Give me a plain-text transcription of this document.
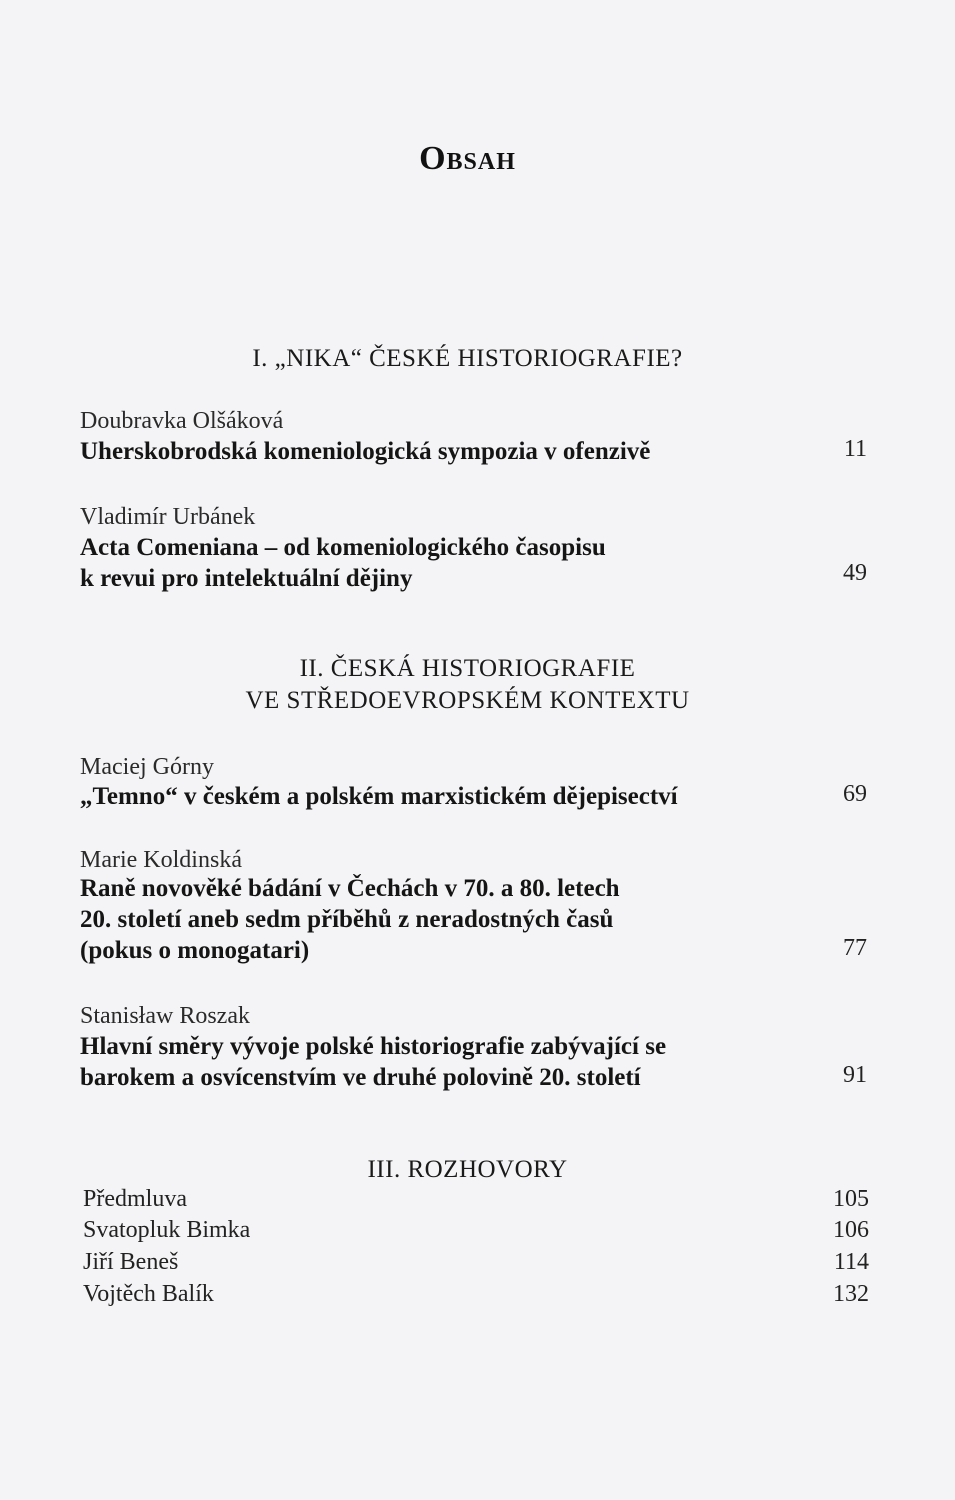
Obsah
I. „NIKA“ ČESKÉ HISTORIOGRAFIE?
Doubravka Olšáková
Uherskobrodská komeniologická sympozia v ofenzivě	11
Vladimír Urbánek
Acta Comeniana – od komeniologického časopisu
k revui pro intelektuální dějiny	49
II. ČESKÁ HISTORIOGRAFIE
VE STŘEDOEVROPSKÉM KONTEXTU
Maciej Górny
„Temno“ v českém a polském marxistickém dějepisectví	69
Marie Koldinská
Raně novověké bádání v Čechách v 70. a 80. letech
20. století aneb sedm příběhů z neradostných časů
(pokus o monogatari)	77
Stanisław Roszak
Hlavní směry vývoje polské historiografie zabývající se
barokem a osvícenstvím ve druhé polovině 20. století	91
III. ROZHOVORY
Předmluva	105
Svatopluk Bimka	106
Jiří Beneš	114
Vojtěch Balík	132
